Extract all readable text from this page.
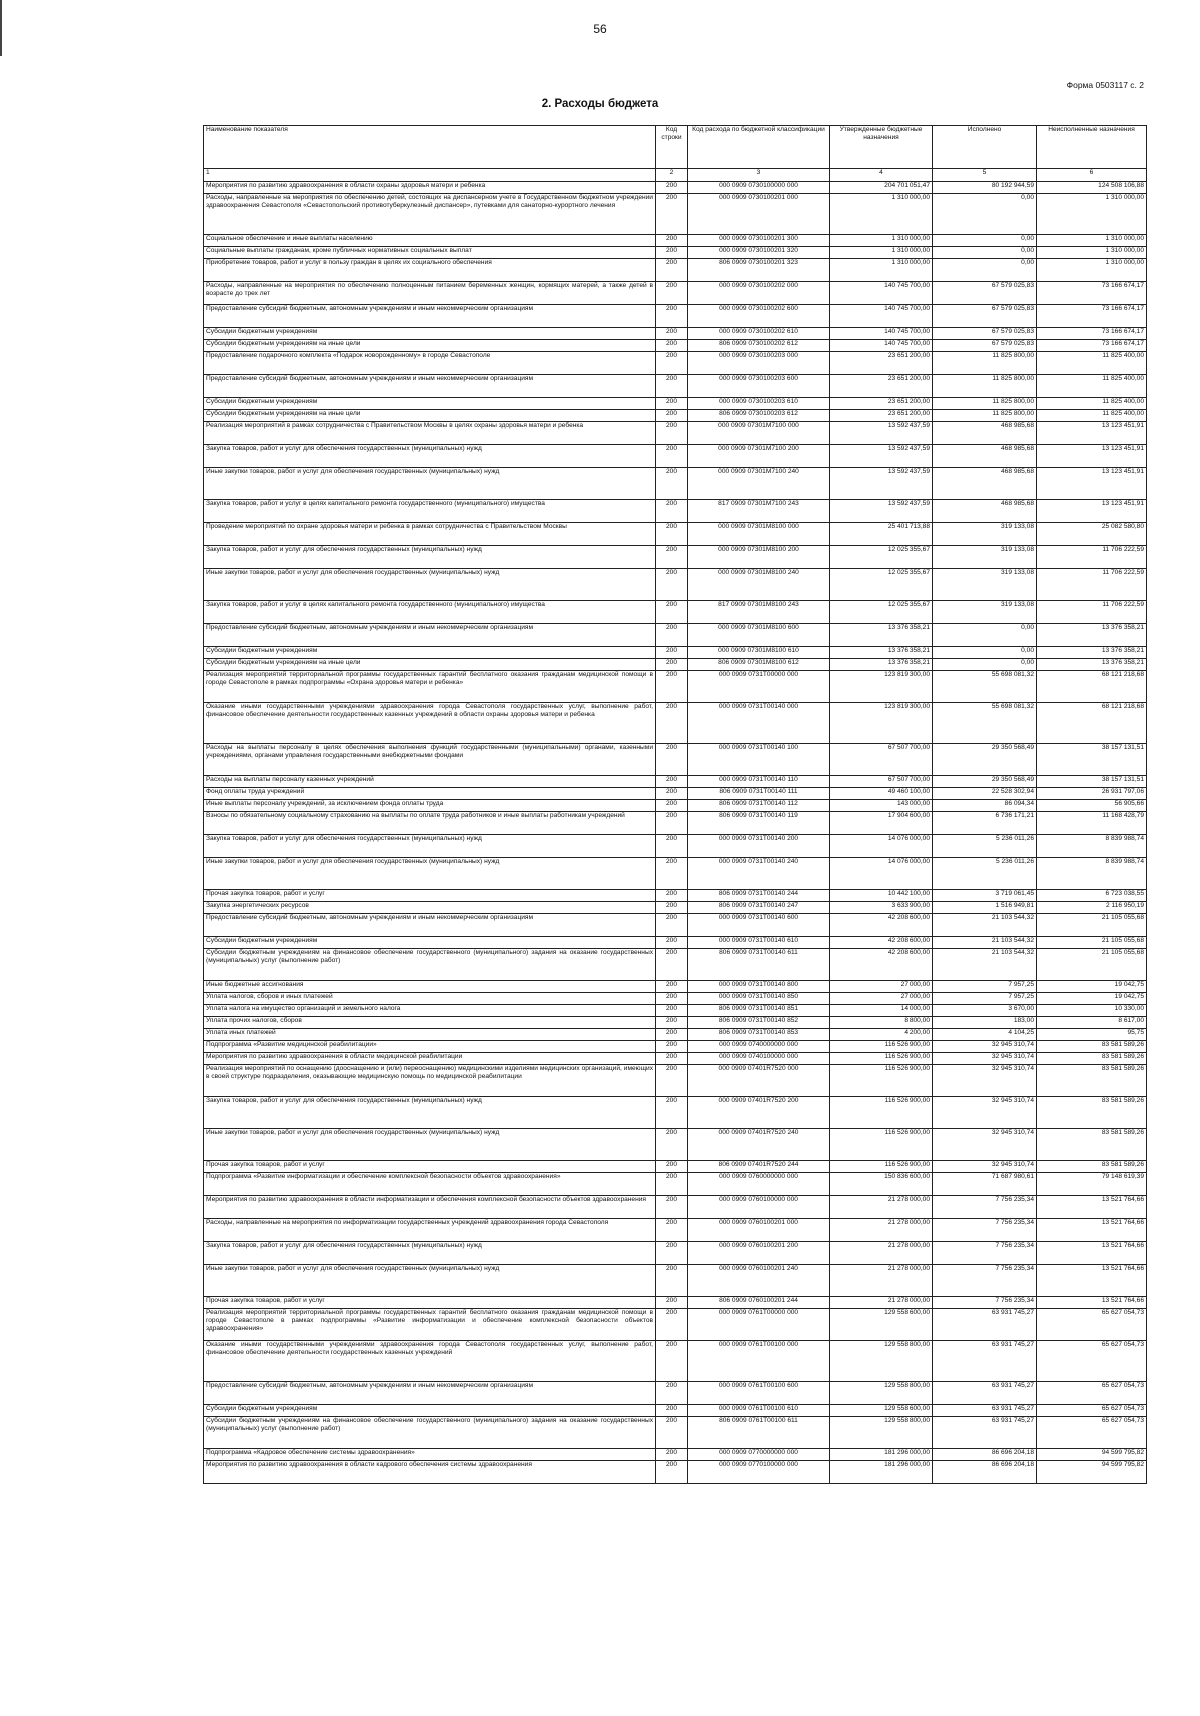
56
Форма 0503117 с. 2
2. Расходы бюджета
Наименование показателя	Код строки	Код расхода по бюджетной классификации	Утвержденные бюджетные назначения	Исполнено	Неисполненные назначения
1	2	3	4	5	6
Мероприятия по развитию здравоохранения в области охраны здоровья матери и ребенка	200	000 0909 0730100000 000	204 701 051,47	80 192 944,59	124 508 106,88
Расходы, направленные на мероприятия по обеспечению детей, состоящих на диспансерном учете в Государственном бюджетном учреждении здравоохранения Севастополя «Севастопольский противотуберкулезный диспансер», путевками для санаторно-курортного лечения	200	000 0909 0730100201 000	1 310 000,00	0,00	1 310 000,00
Социальное обеспечение и иные выплаты населению	200	000 0909 0730100201 300	1 310 000,00	0,00	1 310 000,00
Социальные выплаты гражданам, кроме публичных нормативных социальных выплат	200	000 0909 0730100201 320	1 310 000,00	0,00	1 310 000,00
Приобретение товаров, работ и услуг в пользу граждан в целях их социального обеспечения	200	806 0909 0730100201 323	1 310 000,00	0,00	1 310 000,00
Расходы, направленные на мероприятия по обеспечению полноценным питанием беременных женщин, кормящих матерей, а также детей в возрасте до трех лет	200	000 0909 0730100202 000	140 745 700,00	67 579 025,83	73 166 674,17
Предоставление субсидий бюджетным, автономным учреждениям и иным некоммерческим организациям	200	000 0909 0730100202 600	140 745 700,00	67 579 025,83	73 166 674,17
Субсидии бюджетным учреждениям	200	000 0909 0730100202 610	140 745 700,00	67 579 025,83	73 166 674,17
Субсидии бюджетным учреждениям на иные цели	200	806 0909 0730100202 612	140 745 700,00	67 579 025,83	73 166 674,17
Предоставление подарочного комплекта «Подарок новорожденному» в городе Севастополе	200	000 0909 0730100203 000	23 651 200,00	11 825 800,00	11 825 400,00
Предоставление субсидий бюджетным, автономным учреждениям и иным некоммерческим организациям	200	000 0909 0730100203 600	23 651 200,00	11 825 800,00	11 825 400,00
Субсидии бюджетным учреждениям	200	000 0909 0730100203 610	23 651 200,00	11 825 800,00	11 825 400,00
Субсидии бюджетным учреждениям на иные цели	200	806 0909 0730100203 612	23 651 200,00	11 825 800,00	11 825 400,00
Реализация мероприятий в рамках сотрудничества с Правительством Москвы в целях охраны здоровья матери и ребенка	200	000 0909 07301M7100 000	13 592 437,59	468 985,68	13 123 451,91
Закупка товаров, работ и услуг для обеспечения государственных (муниципальных) нужд	200	000 0909 07301M7100 200	13 592 437,59	468 985,68	13 123 451,91
Иные закупки товаров, работ и услуг для обеспечения государственных (муниципальных) нужд	200	000 0909 07301M7100 240	13 592 437,59	468 985,68	13 123 451,91
Закупка товаров, работ и услуг в целях капитального ремонта государственного (муниципального) имущества	200	817 0909 07301M7100 243	13 592 437,59	468 985,68	13 123 451,91
Проведение мероприятий по охране здоровья матери и ребенка в рамках сотрудничества с Правительством Москвы	200	000 0909 07301M8100 000	25 401 713,88	319 133,08	25 082 580,80
Закупка товаров, работ и услуг для обеспечения государственных (муниципальных) нужд	200	000 0909 07301M8100 200	12 025 355,67	319 133,08	11 706 222,59
Иные закупки товаров, работ и услуг для обеспечения государственных (муниципальных) нужд	200	000 0909 07301M8100 240	12 025 355,67	319 133,08	11 706 222,59
Закупка товаров, работ и услуг в целях капитального ремонта государственного (муниципального) имущества	200	817 0909 07301M8100 243	12 025 355,67	319 133,08	11 706 222,59
Предоставление субсидий бюджетным, автономным учреждениям и иным некоммерческим организациям	200	000 0909 07301M8100 600	13 376 358,21	0,00	13 376 358,21
Субсидии бюджетным учреждениям	200	000 0909 07301M8100 610	13 376 358,21	0,00	13 376 358,21
Субсидии бюджетным учреждениям на иные цели	200	806 0909 07301M8100 612	13 376 358,21	0,00	13 376 358,21
Реализация мероприятий территориальной программы государственных гарантий бесплатного оказания гражданам медицинской помощи в городе Севастополе в рамках подпрограммы «Охрана здоровья матери и ребенка»	200	000 0909 0731T00000 000	123 819 300,00	55 698 081,32	68 121 218,68
Оказание иными государственными учреждениями здравоохранения города Севастополя государственных услуг, выполнение работ, финансовое обеспечение деятельности государственных казенных учреждений в области охраны здоровья матери и ребенка	200	000 0909 0731T00140 000	123 819 300,00	55 698 081,32	68 121 218,68
Расходы на выплаты персоналу в целях обеспечения выполнения функций государственными (муниципальными) органами, казенными учреждениями, органами управления государственными внебюджетными фондами	200	000 0909 0731T00140 100	67 507 700,00	29 350 568,49	38 157 131,51
Расходы на выплаты персоналу казенных учреждений	200	000 0909 0731T00140 110	67 507 700,00	29 350 568,49	38 157 131,51
Фонд оплаты труда учреждений	200	806 0909 0731T00140 111	49 460 100,00	22 528 302,94	26 931 797,06
Иные выплаты персоналу учреждений, за исключением фонда оплаты труда	200	806 0909 0731T00140 112	143 000,00	86 094,34	56 905,66
Взносы по обязательному социальному страхованию на выплаты по оплате труда работников и иные выплаты работникам учреждений	200	806 0909 0731T00140 119	17 904 600,00	6 736 171,21	11 168 428,79
Закупка товаров, работ и услуг для обеспечения государственных (муниципальных) нужд	200	000 0909 0731T00140 200	14 076 000,00	5 236 011,26	8 839 988,74
Иные закупки товаров, работ и услуг для обеспечения государственных (муниципальных) нужд	200	000 0909 0731T00140 240	14 076 000,00	5 236 011,26	8 839 988,74
Прочая закупка товаров, работ и услуг	200	806 0909 0731T00140 244	10 442 100,00	3 719 061,45	6 723 038,55
Закупка энергетических ресурсов	200	806 0909 0731T00140 247	3 633 900,00	1 516 949,81	2 116 950,19
Предоставление субсидий бюджетным, автономным учреждениям и иным некоммерческим организациям	200	000 0909 0731T00140 600	42 208 600,00	21 103 544,32	21 105 055,68
Субсидии бюджетным учреждениям	200	000 0909 0731T00140 610	42 208 600,00	21 103 544,32	21 105 055,68
Субсидии бюджетным учреждениям на финансовое обеспечение государственного (муниципального) задания на оказание государственных (муниципальных) услуг (выполнение работ)	200	806 0909 0731T00140 611	42 208 600,00	21 103 544,32	21 105 055,68
Иные бюджетные ассигнования	200	000 0909 0731T00140 800	27 000,00	7 957,25	19 042,75
Уплата налогов, сборов и иных платежей	200	000 0909 0731T00140 850	27 000,00	7 957,25	19 042,75
Уплата налога на имущество организаций и земельного налога	200	806 0909 0731T00140 851	14 000,00	3 670,00	10 330,00
Уплата прочих налогов, сборов	200	806 0909 0731T00140 852	8 800,00	183,00	8 617,00
Уплата иных платежей	200	806 0909 0731T00140 853	4 200,00	4 104,25	95,75
Подпрограмма «Развитие медицинской реабилитации»	200	000 0909 0740000000 000	116 526 900,00	32 945 310,74	83 581 589,26
Мероприятия по развитию здравоохранения в области медицинской реабилитации	200	000 0909 0740100000 000	116 526 900,00	32 945 310,74	83 581 589,26
Реализация мероприятий по оснащению (дооснащению и (или) переоснащению) медицинскими изделиями медицинских организаций, имеющих в своей структуре подразделения, оказывающие медицинскую помощь по медицинской реабилитации	200	000 0909 07401R7520 000	116 526 900,00	32 945 310,74	83 581 589,26
Закупка товаров, работ и услуг для обеспечения государственных (муниципальных) нужд	200	000 0909 07401R7520 200	116 526 900,00	32 945 310,74	83 581 589,26
Иные закупки товаров, работ и услуг для обеспечения государственных (муниципальных) нужд	200	000 0909 07401R7520 240	116 526 900,00	32 945 310,74	83 581 589,26
Прочая закупка товаров, работ и услуг	200	806 0909 07401R7520 244	116 526 900,00	32 945 310,74	83 581 589,26
Подпрограмма «Развитие информатизации и обеспечение комплексной безопасности объектов здравоохранения»	200	000 0909 0760000000 000	150 836 600,00	71 687 980,61	79 148 619,39
Мероприятия по развитию здравоохранения в области информатизации и обеспечения комплексной безопасности объектов здравоохранения	200	000 0909 0760100000 000	21 278 000,00	7 756 235,34	13 521 764,66
Расходы, направленные на мероприятия по информатизации государственных учреждений здравоохранения города Севастополя	200	000 0909 0760100201 000	21 278 000,00	7 756 235,34	13 521 764,66
Закупка товаров, работ и услуг для обеспечения государственных (муниципальных) нужд	200	000 0909 0760100201 200	21 278 000,00	7 756 235,34	13 521 764,66
Иные закупки товаров, работ и услуг для обеспечения государственных (муниципальных) нужд	200	000 0909 0760100201 240	21 278 000,00	7 756 235,34	13 521 764,66
Прочая закупка товаров, работ и услуг	200	806 0909 0760100201 244	21 278 000,00	7 756 235,34	13 521 764,66
Реализация мероприятий территориальной программы государственных гарантий бесплатного оказания гражданам медицинской помощи в городе Севастополе в рамках подпрограммы «Развитие информатизации и обеспечение комплексной безопасности объектов здравоохранения»	200	000 0909 0761T00000 000	129 558 600,00	63 931 745,27	65 627 054,73
Оказание иными государственными учреждениями здравоохранения города Севастополя государственных услуг, выполнение работ, финансовое обеспечение деятельности государственных казенных учреждений	200	000 0909 0761T00100 000	129 558 800,00	63 931 745,27	65 627 054,73
Предоставление субсидий бюджетным, автономным учреждениям и иным некоммерческим организациям	200	000 0909 0761T00100 600	129 558 800,00	63 931 745,27	65 627 054,73
Субсидии бюджетным учреждениям	200	000 0909 0761T00100 610	129 558 600,00	63 931 745,27	65 627 054,73
Субсидии бюджетным учреждениям на финансовое обеспечение государственного (муниципального) задания на оказание государственных (муниципальных) услуг (выполнение работ)	200	806 0909 0761T00100 611	129 558 800,00	63 931 745,27	65 627 054,73
Подпрограмма «Кадровое обеспечение системы здравоохранения»	200	000 0909 0770000000 000	181 296 000,00	86 696 204,18	94 599 795,82
Мероприятия по развитию здравоохранения в области кадрового обеспечения системы здравоохранения	200	000 0909 0770100000 000	181 296 000,00	86 696 204,18	94 599 795,82
